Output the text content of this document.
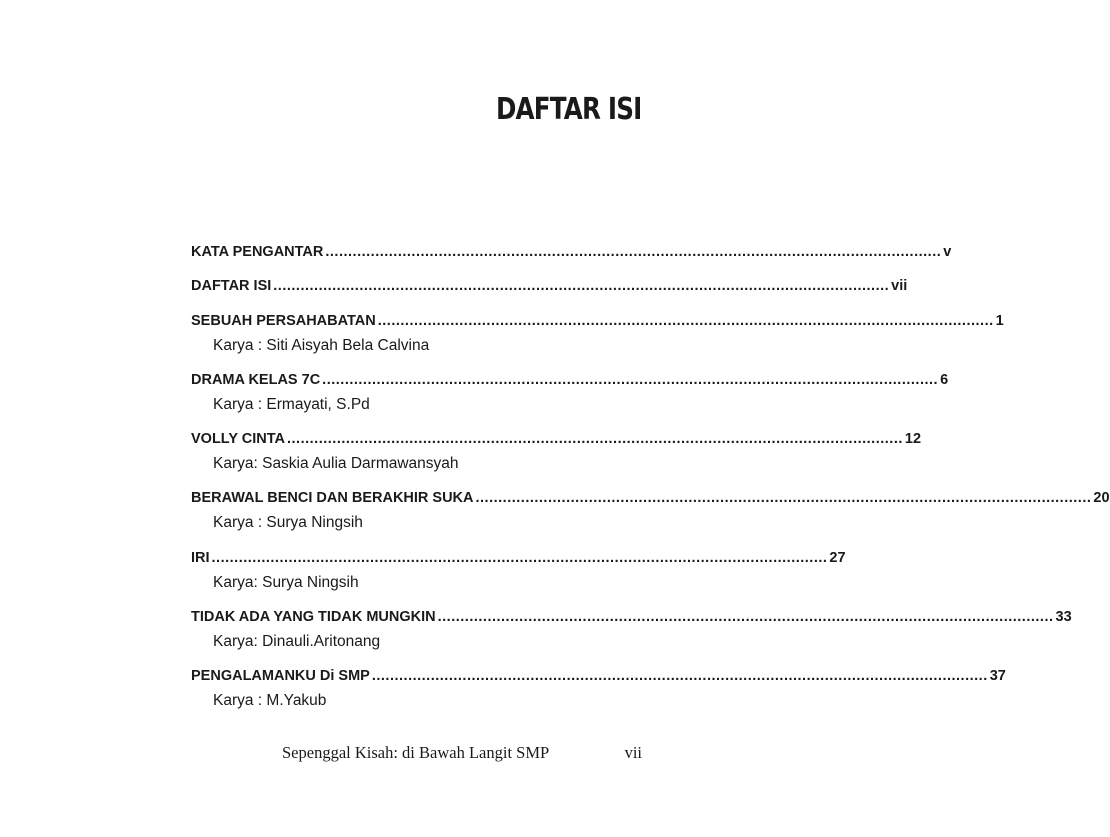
DAFTAR ISI
KATA PENGANTAR ........................................................................................................................................ v
DAFTAR ISI ........................................................................................................................................ vii
SEBUAH PERSAHABATAN ........................................................................................................................................ 1
Karya : Siti Aisyah Bela Calvina
DRAMA KELAS 7C ........................................................................................................................................ 6
Karya : Ermayati, S.Pd
VOLLY CINTA ........................................................................................................................................ 12
Karya: Saskia Aulia Darmawansyah
BERAWAL BENCI DAN BERAKHIR SUKA ........................................................................................................................................ 20
Karya : Surya Ningsih
IRI ........................................................................................................................................ 27
Karya: Surya Ningsih
TIDAK ADA YANG TIDAK MUNGKIN ........................................................................................................................................ 33
Karya: Dinauli.Aritonang
PENGALAMANKU Di SMP ........................................................................................................................................ 37
Karya : M.Yakub
Sepenggal Kisah: di Bawah Langit SMP	vii
